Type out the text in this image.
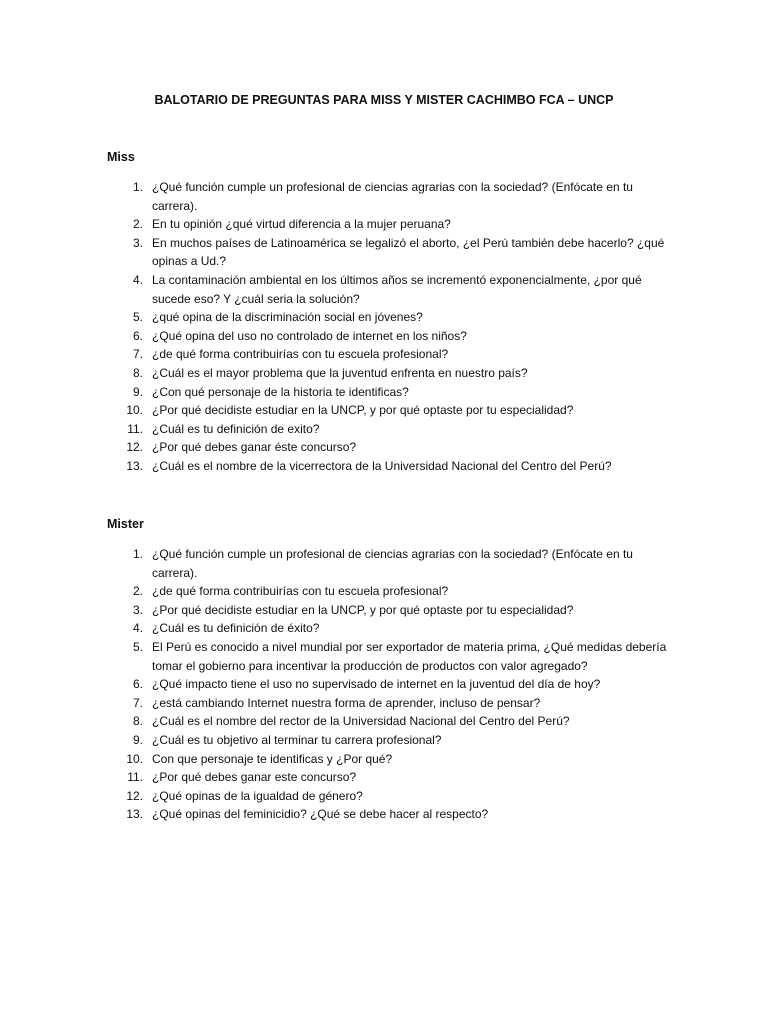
BALOTARIO DE PREGUNTAS PARA MISS Y MISTER CACHIMBO FCA – UNCP
Miss
1. ¿Qué función cumple un profesional de ciencias agrarias con la sociedad? (Enfócate en tu carrera).
2. En tu opinión ¿qué virtud diferencia a la mujer peruana?
3. En muchos países de Latinoamérica se legalizó el aborto, ¿el Perú también debe hacerlo? ¿qué opinas a Ud.?
4. La contaminación ambiental en los últimos años se incrementó exponencialmente, ¿por qué sucede eso? Y ¿cuál seria la solución?
5. ¿qué opina de la discriminación social en jóvenes?
6. ¿Qué opina del uso no controlado de internet en los niños?
7. ¿de qué forma contribuirías con tu escuela profesional?
8. ¿Cuál es el mayor problema que la juventud enfrenta en nuestro país?
9. ¿Con qué personaje de la historia te identificas?
10. ¿Por qué decidiste estudiar en la UNCP, y por qué optaste por tu especialidad?
11. ¿Cuál es tu definición de exito?
12. ¿Por qué debes ganar éste concurso?
13. ¿Cuál es el nombre de la vicerrectora de la Universidad Nacional del Centro del Perú?
Mister
1. ¿Qué función cumple un profesional de ciencias agrarias con la sociedad? (Enfócate en tu carrera).
2. ¿de qué forma contribuirías con tu escuela profesional?
3. ¿Por qué decidiste estudiar en la UNCP, y por qué optaste por tu especialidad?
4. ¿Cuál es tu definición de éxito?
5. El Perú es conocido a nivel mundial por ser exportador de materia prima, ¿Qué medidas debería tomar el gobierno para incentivar la producción de productos con valor agregado?
6. ¿Qué impacto tiene el uso no supervisado de internet en la juventud del día de hoy?
7. ¿está cambiando Internet nuestra forma de aprender, incluso de pensar?
8. ¿Cuál es el nombre del rector de la Universidad Nacional del Centro del Perú?
9. ¿Cuál es tu objetivo al terminar tu carrera profesional?
10. Con que personaje te identificas y ¿Por qué?
11. ¿Por qué debes ganar este concurso?
12. ¿Qué opinas de la igualdad de género?
13. ¿Qué opinas del feminicidio? ¿Qué se debe hacer al respecto?
